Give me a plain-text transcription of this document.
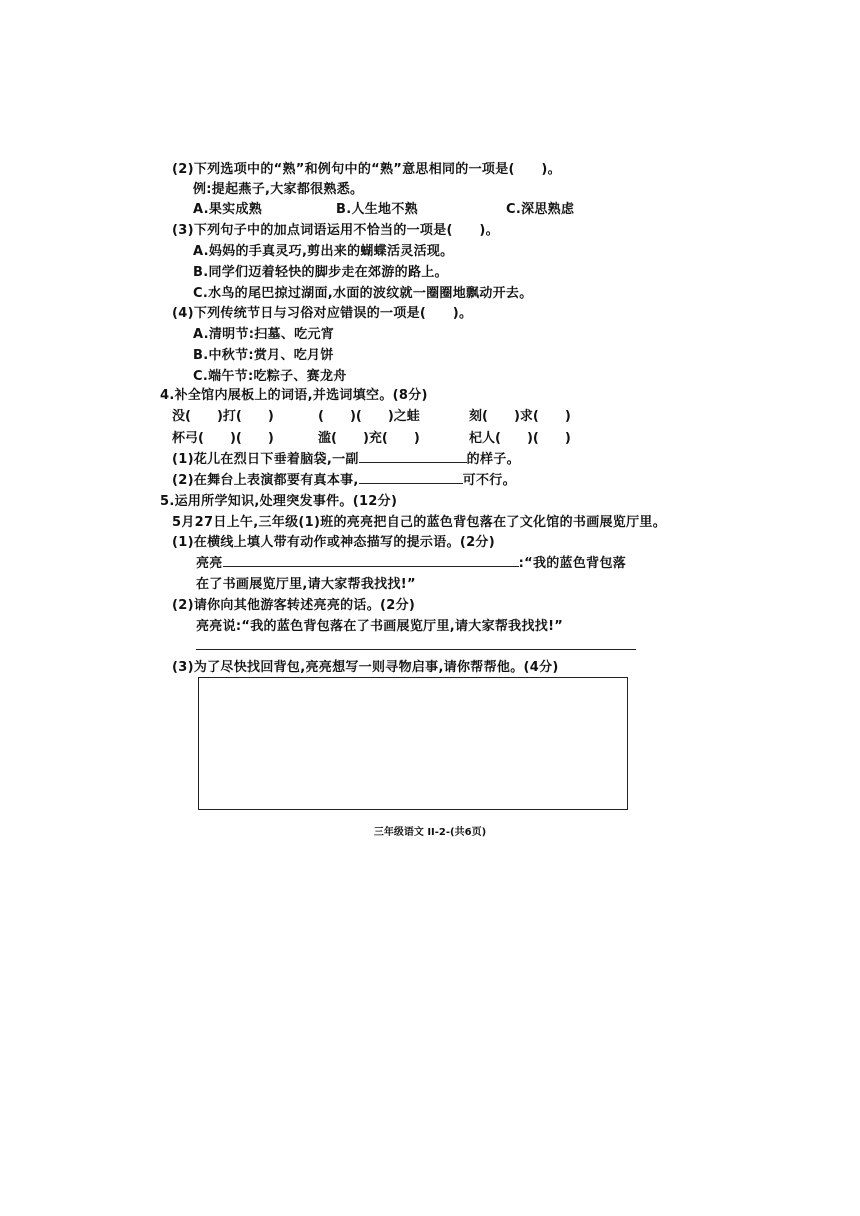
(2)下列选项中的“熟”和例句中的“熟”意思相同的一项是(　　)。
例:提起燕子,大家都很熟悉。
A.果实成熟	B.人生地不熟	C.深思熟虑
(3)下列句子中的加点词语运用不恰当的一项是(　　)。
A.妈妈的手真灵巧,剪出来的蝴蝶活灵活现。
B.同学们迈着轻快的脚步走在郊游的路上。
C.水鸟的尾巴掠过湖面,水面的波纹就一圈圈地飘动开去。
(4)下列传统节日与习俗对应错误的一项是(　　)。
A.清明节:扫墓、吃元宵
B.中秋节:赏月、吃月饼
C.端午节:吃粽子、赛龙舟
4.补全馆内展板上的词语,并选词填空。(8分)
没(　　)打(　　)	(　　)(　　)之蛙	刻(　　)求(　　)
杯弓(　　)(　　)	滥(　　)充(　　)	杞人(　　)(　　)
(1)花儿在烈日下垂着脑袋,一副	的样子。
(2)在舞台上表演都要有真本事,	可不行。
5.运用所学知识,处理突发事件。(12分)
5月27日上午,三年级(1)班的亮亮把自己的蓝色背包落在了文化馆的书画展览厅里。
(1)在横线上填人带有动作或神态描写的提示语。(2分)
亮亮	:“我的蓝色背包落
在了书画展览厅里,请大家帮我找找!”
(2)请你向其他游客转述亮亮的话。(2分)
亮亮说:“我的蓝色背包落在了书画展览厅里,请大家帮我找找!”
(3)为了尽快找回背包,亮亮想写一则寻物启事,请你帮帮他。(4分)
三年级语文 II-2-(共6页)
